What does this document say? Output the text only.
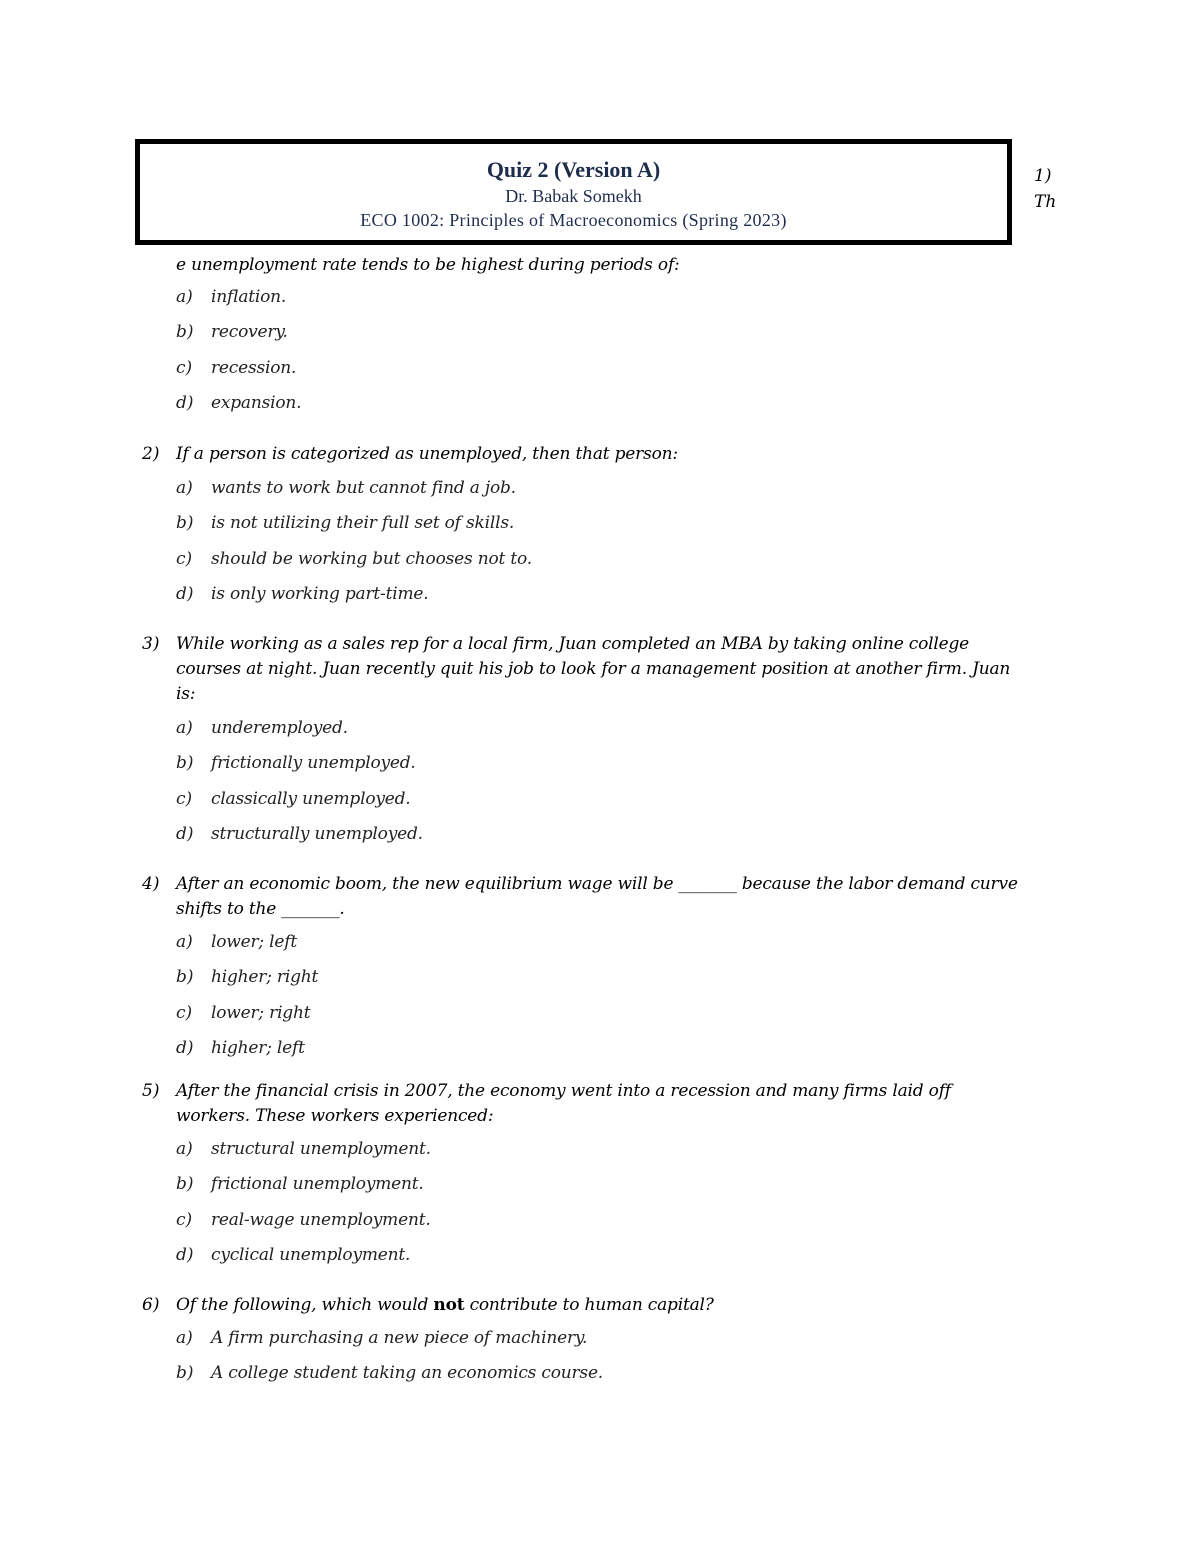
Quiz 2 (Version A)
Dr. Babak Somekh
ECO 1002: Principles of Macroeconomics (Spring 2023)
1)
Th
e unemployment rate tends to be highest during periods of:
a) inflation.
b) recovery.
c) recession.
d) expansion.
2) If a person is categorized as unemployed, then that person:
a) wants to work but cannot find a job.
b) is not utilizing their full set of skills.
c) should be working but chooses not to.
d) is only working part-time.
3) While working as a sales rep for a local firm, Juan completed an MBA by taking online college
courses at night. Juan recently quit his job to look for a management position at another firm. Juan
is:
a) underemployed.
b) frictionally unemployed.
c) classically unemployed.
d) structurally unemployed.
4) After an economic boom, the new equilibrium wage will be _______ because the labor demand curve
shifts to the _______.
a) lower; left
b) higher; right
c) lower; right
d) higher; left
5) After the financial crisis in 2007, the economy went into a recession and many firms laid off
workers. These workers experienced:
a) structural unemployment.
b) frictional unemployment.
c) real-wage unemployment.
d) cyclical unemployment.
6) Of the following, which would not contribute to human capital?
a) A firm purchasing a new piece of machinery.
b) A college student taking an economics course.
